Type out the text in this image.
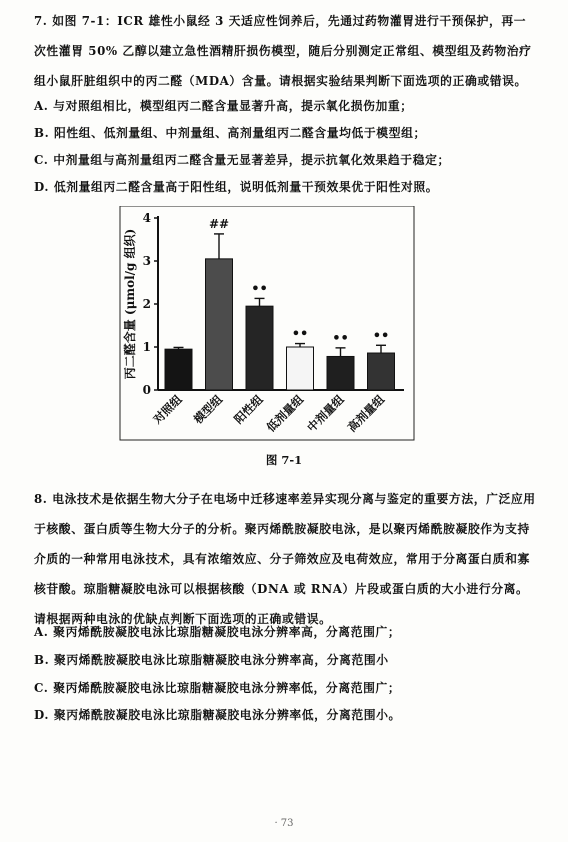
7. 如图 7-1：ICR 雄性小鼠经 3 天适应性饲养后，先通过药物灌胃进行干预保护，再一次性灌胃 50% 乙醇以建立急性酒精肝损伤模型，随后分别测定正常组、模型组及药物治疗组小鼠肝脏组织中的丙二醛（MDA）含量。请根据实验结果判断下面选项的正确或错误。
A. 与对照组相比，模型组丙二醛含量显著升高，提示氧化损伤加重；
B. 阳性组、低剂量组、中剂量组、高剂量组丙二醛含量均低于模型组；
C. 中剂量组与高剂量组丙二醛含量无显著差异，提示抗氧化效果趋于稳定；
D. 低剂量组丙二醛含量高于阳性组，说明低剂量干预效果优于阳性对照。
0
1
2
3
4
丙二醛含量 (μmol/g 组织)
对照组
##
模型组
••
阳性组
••
低剂量组
••
中剂量组
••
高剂量组
图 7-1
8. 电泳技术是依据生物大分子在电场中迁移速率差异实现分离与鉴定的重要方法，广泛应用于核酸、蛋白质等生物大分子的分析。聚丙烯酰胺凝胶电泳，是以聚丙烯酰胺凝胶作为支持介质的一种常用电泳技术，具有浓缩效应、分子筛效应及电荷效应，常用于分离蛋白质和寡核苷酸。琼脂糖凝胶电泳可以根据核酸（DNA 或 RNA）片段或蛋白质的大小进行分离。请根据两种电泳的优缺点判断下面选项的正确或错误。
A. 聚丙烯酰胺凝胶电泳比琼脂糖凝胶电泳分辨率高，分离范围广；
B. 聚丙烯酰胺凝胶电泳比琼脂糖凝胶电泳分辨率高，分离范围小
C. 聚丙烯酰胺凝胶电泳比琼脂糖凝胶电泳分辨率低，分离范围广；
D. 聚丙烯酰胺凝胶电泳比琼脂糖凝胶电泳分辨率低，分离范围小。
· 73
